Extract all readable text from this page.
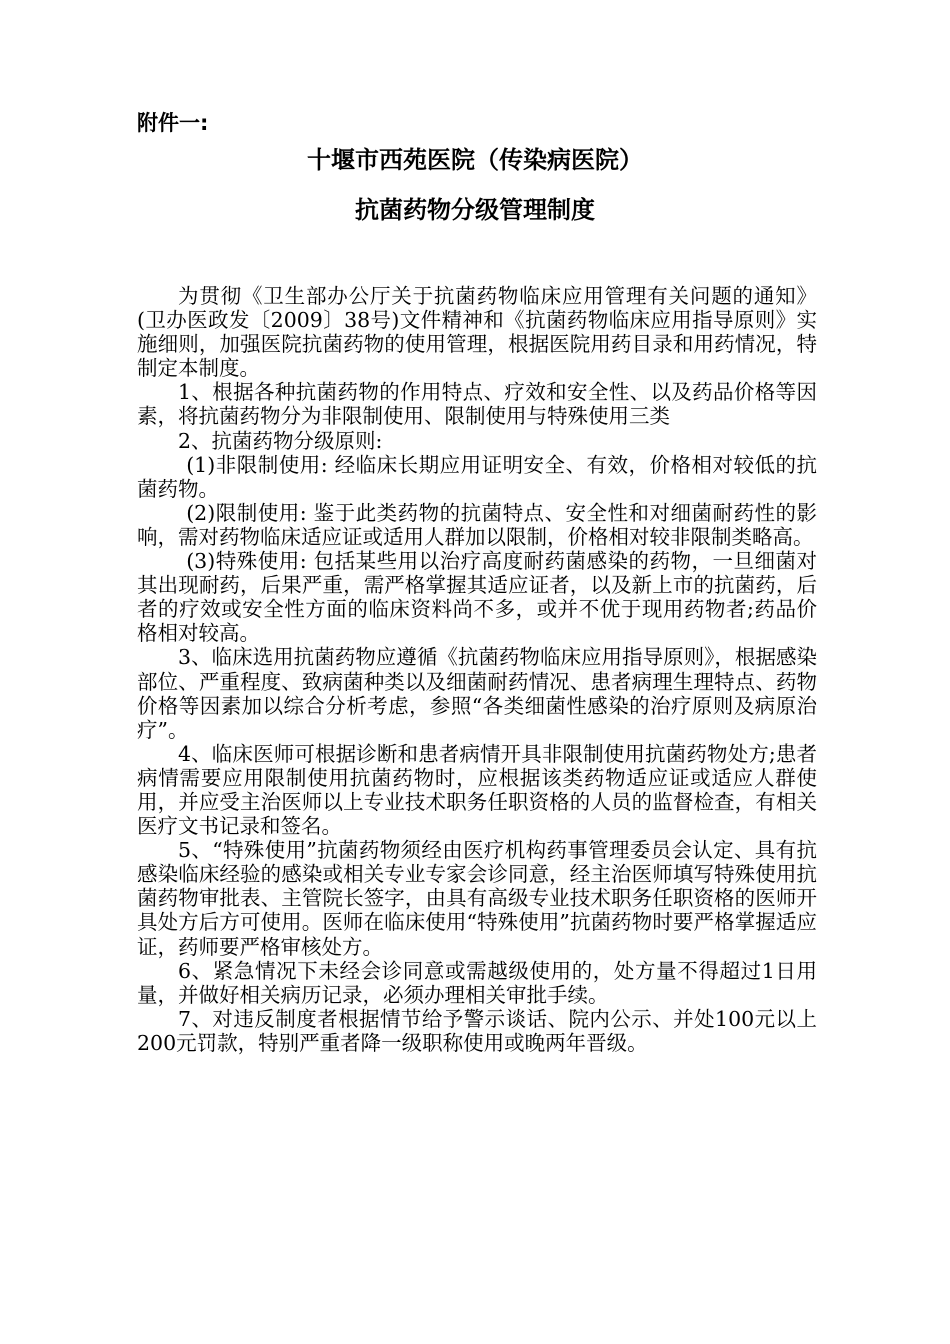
附件一:
十堰市西苑医院（传染病医院）
抗菌药物分级管理制度

为贯彻《卫生部办公厅关于抗菌药物临床应用管理有关问题的通知》(卫办医政发〔2009〕38号)文件精神和《抗菌药物临床应用指导原则》实施细则，加强医院抗菌药物的使用管理，根据医院用药目录和用药情况，特制定本制度。

1、根据各种抗菌药物的作用特点、疗效和安全性、以及药品价格等因素，将抗菌药物分为非限制使用、限制使用与特殊使用三类

2、抗菌药物分级原则:

(1)非限制使用: 经临床长期应用证明安全、有效，价格相对较低的抗菌药物。

(2)限制使用: 鉴于此类药物的抗菌特点、安全性和对细菌耐药性的影响，需对药物临床适应证或适用人群加以限制，价格相对较非限制类略高。

(3)特殊使用: 包括某些用以治疗高度耐药菌感染的药物，一旦细菌对其出现耐药，后果严重，需严格掌握其适应证者，以及新上市的抗菌药，后者的疗效或安全性方面的临床资料尚不多，或并不优于现用药物者;药品价格相对较高。

3、临床选用抗菌药物应遵循《抗菌药物临床应用指导原则》，根据感染部位、严重程度、致病菌种类以及细菌耐药情况、患者病理生理特点、药物价格等因素加以综合分析考虑，参照“各类细菌性感染的治疗原则及病原治疗”。

4、临床医师可根据诊断和患者病情开具非限制使用抗菌药物处方;患者病情需要应用限制使用抗菌药物时，应根据该类药物适应证或适应人群使用，并应受主治医师以上专业技术职务任职资格的人员的监督检查，有相关医疗文书记录和签名。

5、“特殊使用”抗菌药物须经由医疗机构药事管理委员会认定、具有抗感染临床经验的感染或相关专业专家会诊同意，经主治医师填写特殊使用抗菌药物审批表、主管院长签字，由具有高级专业技术职务任职资格的医师开具处方后方可使用。医师在临床使用“特殊使用”抗菌药物时要严格掌握适应证，药师要严格审核处方。

6、紧急情况下未经会诊同意或需越级使用的，处方量不得超过1日用量，并做好相关病历记录，必须办理相关审批手续。

7、对违反制度者根据情节给予警示谈话、院内公示、并处100元以上200元罚款，特别严重者降一级职称使用或晚两年晋级。
